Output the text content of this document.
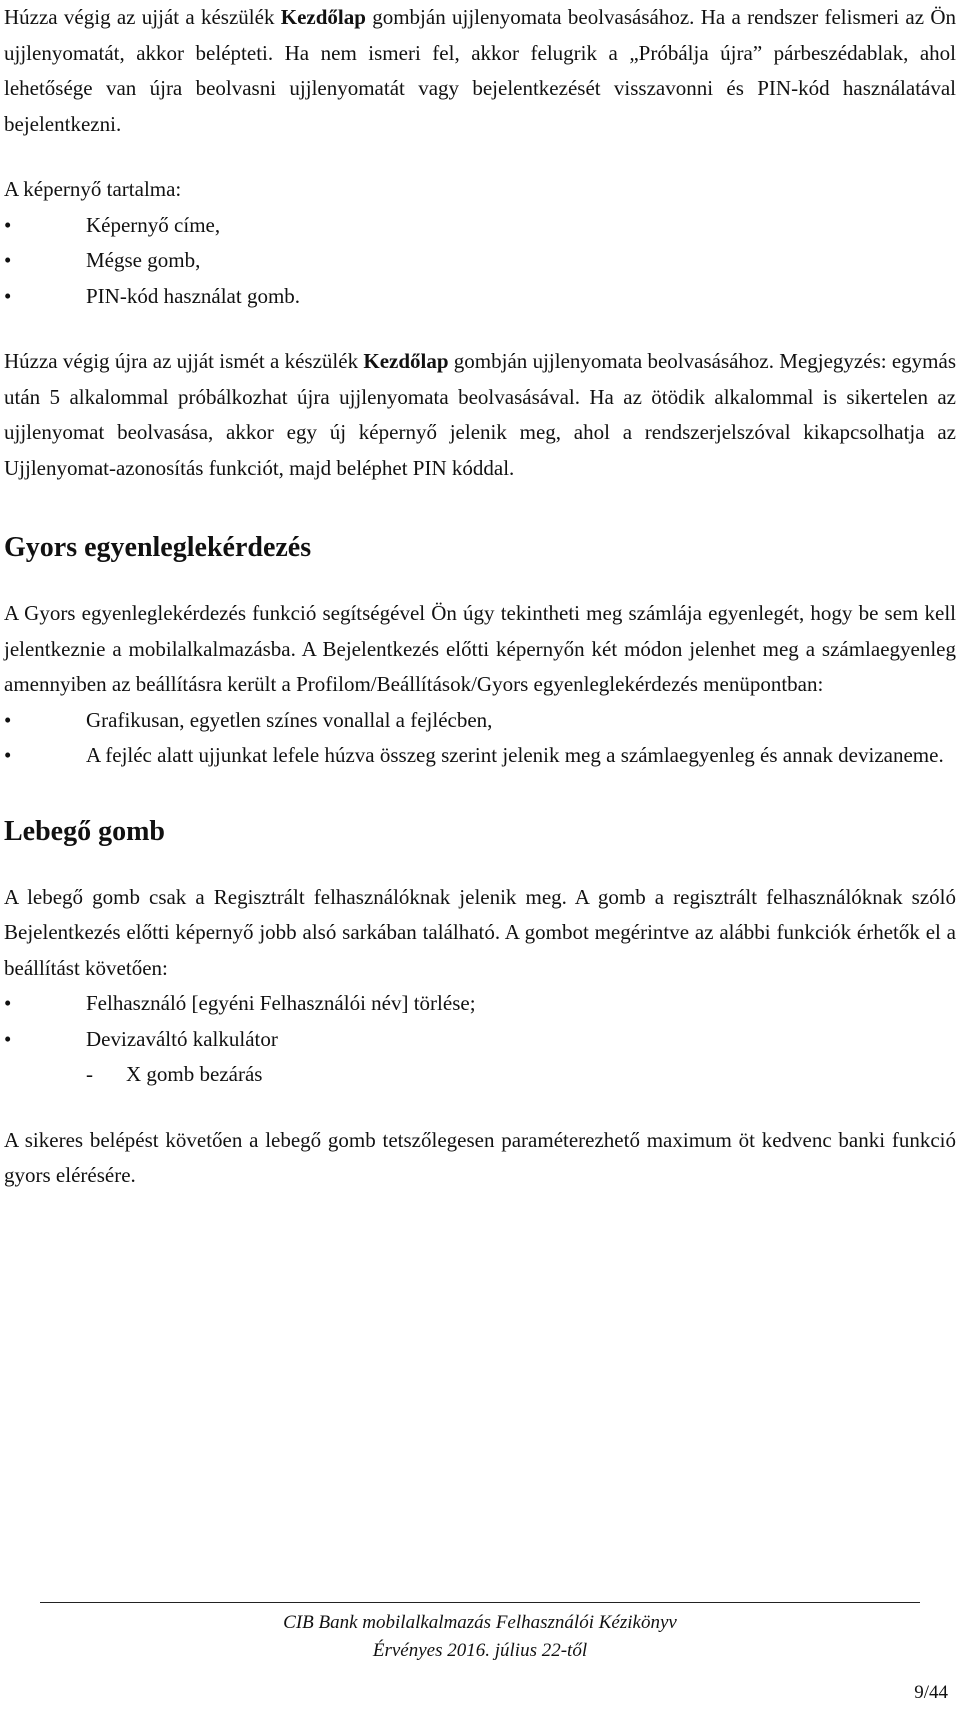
Húzza végig az ujját a készülék Kezdőlap gombján ujjlenyomata beolvasásához. Ha a rendszer felismeri az Ön ujjlenyomatát, akkor belépteti. Ha nem ismeri fel, akkor felugrik a „Próbálja újra” párbeszédablak, ahol lehetősége van újra beolvasni ujjlenyomatát vagy bejelentkezését visszavonni és PIN-kód használatával bejelentkezni.

A képernyő tartalma:

•	Képernyő címe,
•	Mégse gomb,
•	PIN-kód használat gomb.

Húzza végig újra az ujját ismét a készülék Kezdőlap gombján ujjlenyomata beolvasásához. Megjegyzés: egymás után 5 alkalommal próbálkozhat újra ujjlenyomata beolvasásával. Ha az ötödik alkalommal is sikertelen az ujjlenyomat beolvasása, akkor egy új képernyő jelenik meg, ahol a rendszerjelszóval kikapcsolhatja az Ujjlenyomat-azonosítás funkciót, majd beléphet PIN kóddal.

Gyors egyenleglekérdezés

A Gyors egyenleglekérdezés funkció segítségével Ön úgy tekintheti meg számlája egyenlegét, hogy be sem kell jelentkeznie a mobilalkalmazásba. A Bejelentkezés előtti képernyőn két módon jelenhet meg a számlaegyenleg amennyiben az beállításra került a Profilom/Beállítások/Gyors egyenleglekérdezés menüpontban:

•	Grafikusan, egyetlen színes vonallal a fejlécben,
•	A fejléc alatt ujjunkat lefele húzva összeg szerint jelenik meg a számlaegyenleg és annak devizaneme.
Lebegő gomb

A lebegő gomb csak a Regisztrált felhasználóknak jelenik meg. A gomb a regisztrált felhasználóknak szóló Bejelentkezés előtti képernyő jobb alsó sarkában található. A gombot megérintve az alábbi funkciók érhetők el a beállítást követően:

•	Felhasználó [egyéni Felhasználói név] törlése;
•	Devizaváltó kalkulátor
-	X gomb bezárás

A sikeres belépést követően a lebegő gomb tetszőlegesen paraméterezhető maximum öt kedvenc banki funkció gyors elérésére.

CIB Bank mobilalkalmazás Felhasználói Kézikönyv
Érvényes 2016. július 22-től
9/44
